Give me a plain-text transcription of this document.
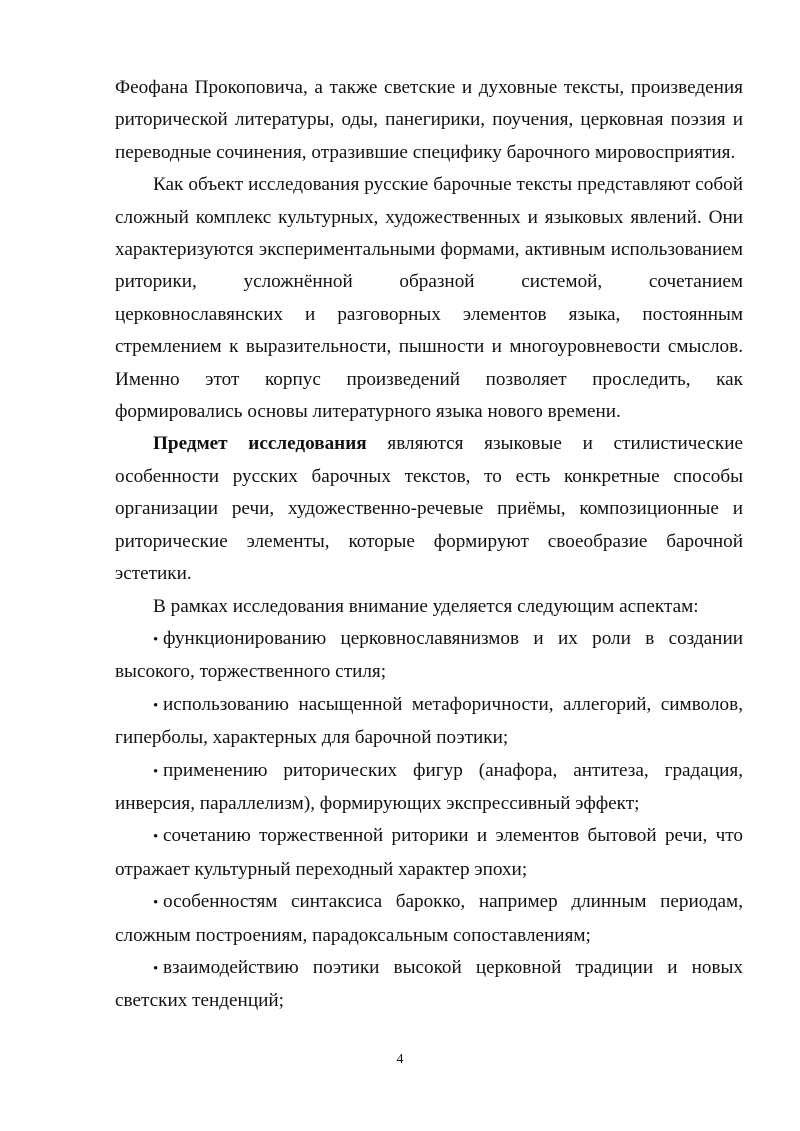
Феофана Прокоповича, а также светские и духовные тексты, произведения риторической литературы, оды, панегирики, поучения, церковная поэзия и переводные сочинения, отразившие специфику барочного мировосприятия.

Как объект исследования русские барочные тексты представляют собой сложный комплекс культурных, художественных и языковых явлений. Они характеризуются экспериментальными формами, активным использованием риторики, усложнённой образной системой, сочетанием церковнославянских и разговорных элементов языка, постоянным стремлением к выразительности, пышности и многоуровневости смыслов. Именно этот корпус произведений позволяет проследить, как формировались основы литературного языка нового времени.

Предмет исследования являются языковые и стилистические особенности русских барочных текстов, то есть конкретные способы организации речи, художественно-речевые приёмы, композиционные и риторические элементы, которые формируют своеобразие барочной эстетики.

В рамках исследования внимание уделяется следующим аспектам:

• функционированию церковнославянизмов и их роли в создании высокого, торжественного стиля;

• использованию насыщенной метафоричности, аллегорий, символов, гиперболы, характерных для барочной поэтики;

• применению риторических фигур (анафора, антитеза, градация, инверсия, параллелизм), формирующих экспрессивный эффект;

• сочетанию торжественной риторики и элементов бытовой речи, что отражает культурный переходный характер эпохи;

• особенностям синтаксиса барокко, например длинным периодам, сложным построениям, парадоксальным сопоставлениям;

• взаимодействию поэтики высокой церковной традиции и новых светских тенденций;

4
